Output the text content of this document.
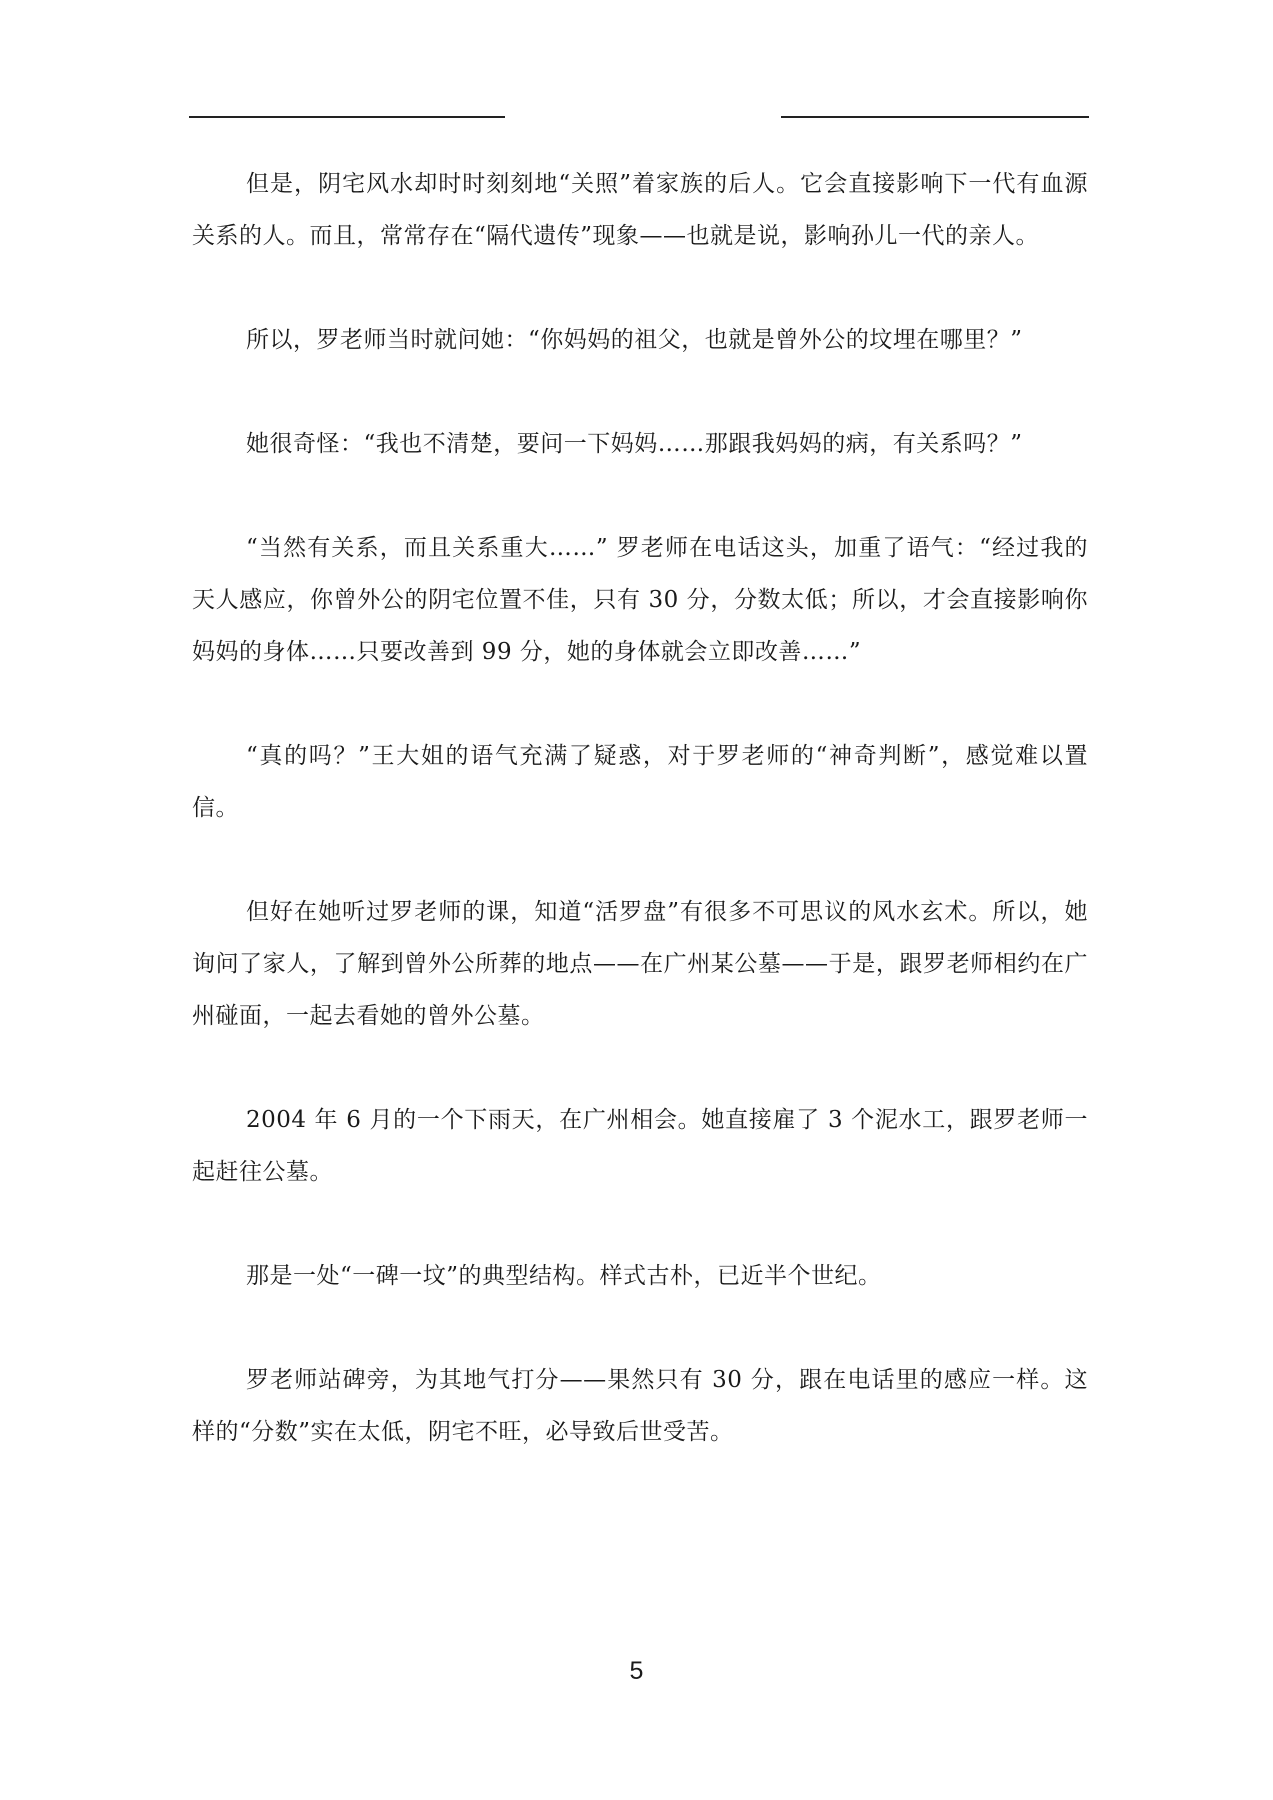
但是，阴宅风水却时时刻刻地“关照”着家族的后人。它会直接影响下一代有血源关系的人。而且，常常存在“隔代遗传”现象——也就是说，影响孙儿一代的亲人。

所以，罗老师当时就问她：“你妈妈的祖父，也就是曾外公的坟埋在哪里？”

她很奇怪：“我也不清楚，要问一下妈妈……那跟我妈妈的病，有关系吗？”

“当然有关系，而且关系重大……” 罗老师在电话这头，加重了语气：“经过我的天人感应，你曾外公的阴宅位置不佳，只有 30 分，分数太低；所以，才会直接影响你妈妈的身体……只要改善到 99 分，她的身体就会立即改善……”

“真的吗？”王大姐的语气充满了疑惑，对于罗老师的“神奇判断”，感觉难以置信。

但好在她听过罗老师的课，知道“活罗盘”有很多不可思议的风水玄术。所以，她询问了家人，了解到曾外公所葬的地点——在广州某公墓——于是，跟罗老师相约在广州碰面，一起去看她的曾外公墓。

2004 年 6 月的一个下雨天，在广州相会。她直接雇了 3 个泥水工，跟罗老师一起赶往公墓。

那是一处“一碑一坟”的典型结构。样式古朴，已近半个世纪。

罗老师站碑旁，为其地气打分——果然只有 30 分，跟在电话里的感应一样。这样的“分数”实在太低，阴宅不旺，必导致后世受苦。

5
